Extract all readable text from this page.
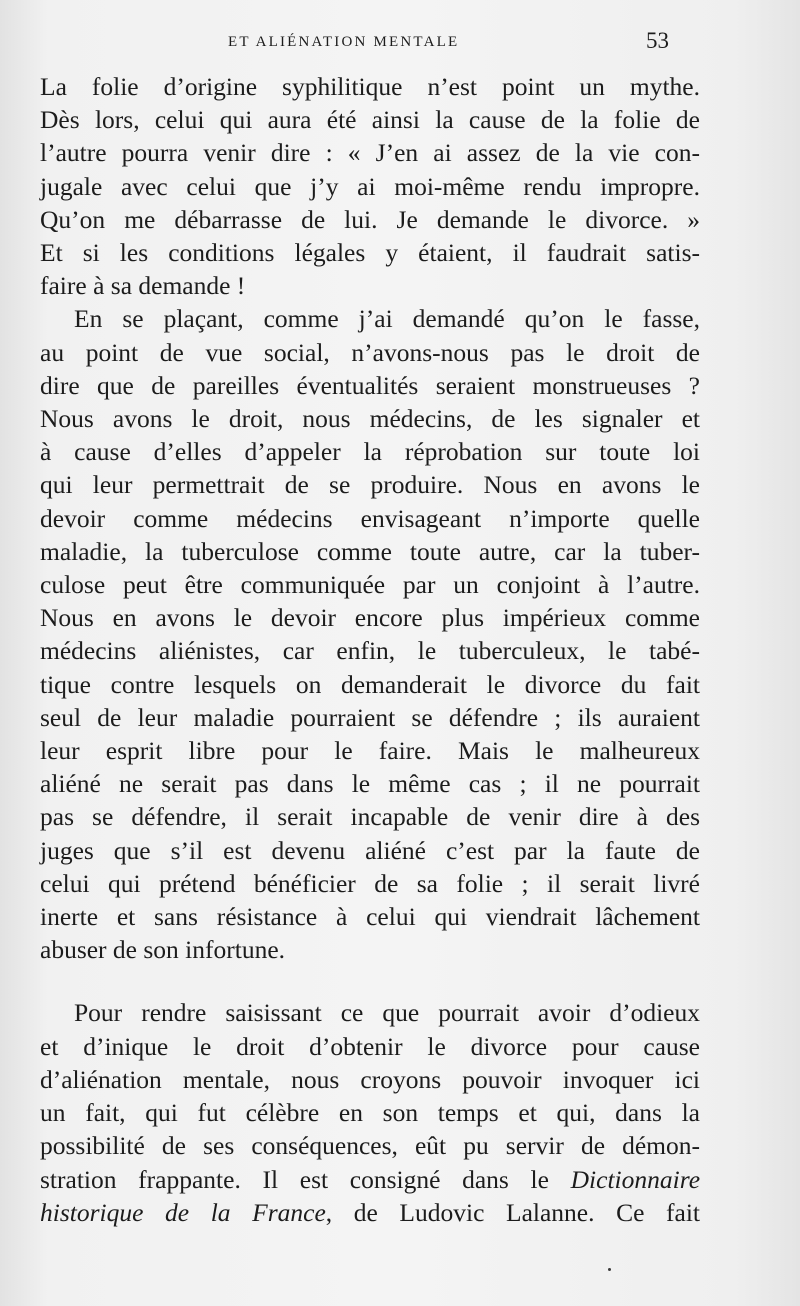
ET ALIÉNATION MENTALE	53
La folie d’origine syphilitique n’est point un mythe.
Dès lors, celui qui aura été ainsi la cause de la folie de
l’autre pourra venir dire : « J’en ai assez de la vie con-
jugale avec celui que j’y ai moi-même rendu impropre.
Qu’on me débarrasse de lui. Je demande le divorce. »
Et si les conditions légales y étaient, il faudrait satis-
faire à sa demande !
En se plaçant, comme j’ai demandé qu’on le fasse,
au point de vue social, n’avons-nous pas le droit de
dire que de pareilles éventualités seraient monstrueuses ?
Nous avons le droit, nous médecins, de les signaler et
à cause d’elles d’appeler la réprobation sur toute loi
qui leur permettrait de se produire. Nous en avons le
devoir comme médecins envisageant n’importe quelle
maladie, la tuberculose comme toute autre, car la tuber-
culose peut être communiquée par un conjoint à l’autre.
Nous en avons le devoir encore plus impérieux comme
médecins aliénistes, car enfin, le tuberculeux, le tabé-
tique contre lesquels on demanderait le divorce du fait
seul de leur maladie pourraient se défendre ; ils auraient
leur esprit libre pour le faire. Mais le malheureux
aliéné ne serait pas dans le même cas ; il ne pourrait
pas se défendre, il serait incapable de venir dire à des
juges que s’il est devenu aliéné c’est par la faute de
celui qui prétend bénéficier de sa folie ; il serait livré
inerte et sans résistance à celui qui viendrait lâchement
abuser de son infortune.
Pour rendre saisissant ce que pourrait avoir d’odieux
et d’inique le droit d’obtenir le divorce pour cause
d’aliénation mentale, nous croyons pouvoir invoquer ici
un fait, qui fut célèbre en son temps et qui, dans la
possibilité de ses conséquences, eût pu servir de démon-
stration frappante. Il est consigné dans le Dictionnaire
historique de la France, de Ludovic Lalanne. Ce fait
